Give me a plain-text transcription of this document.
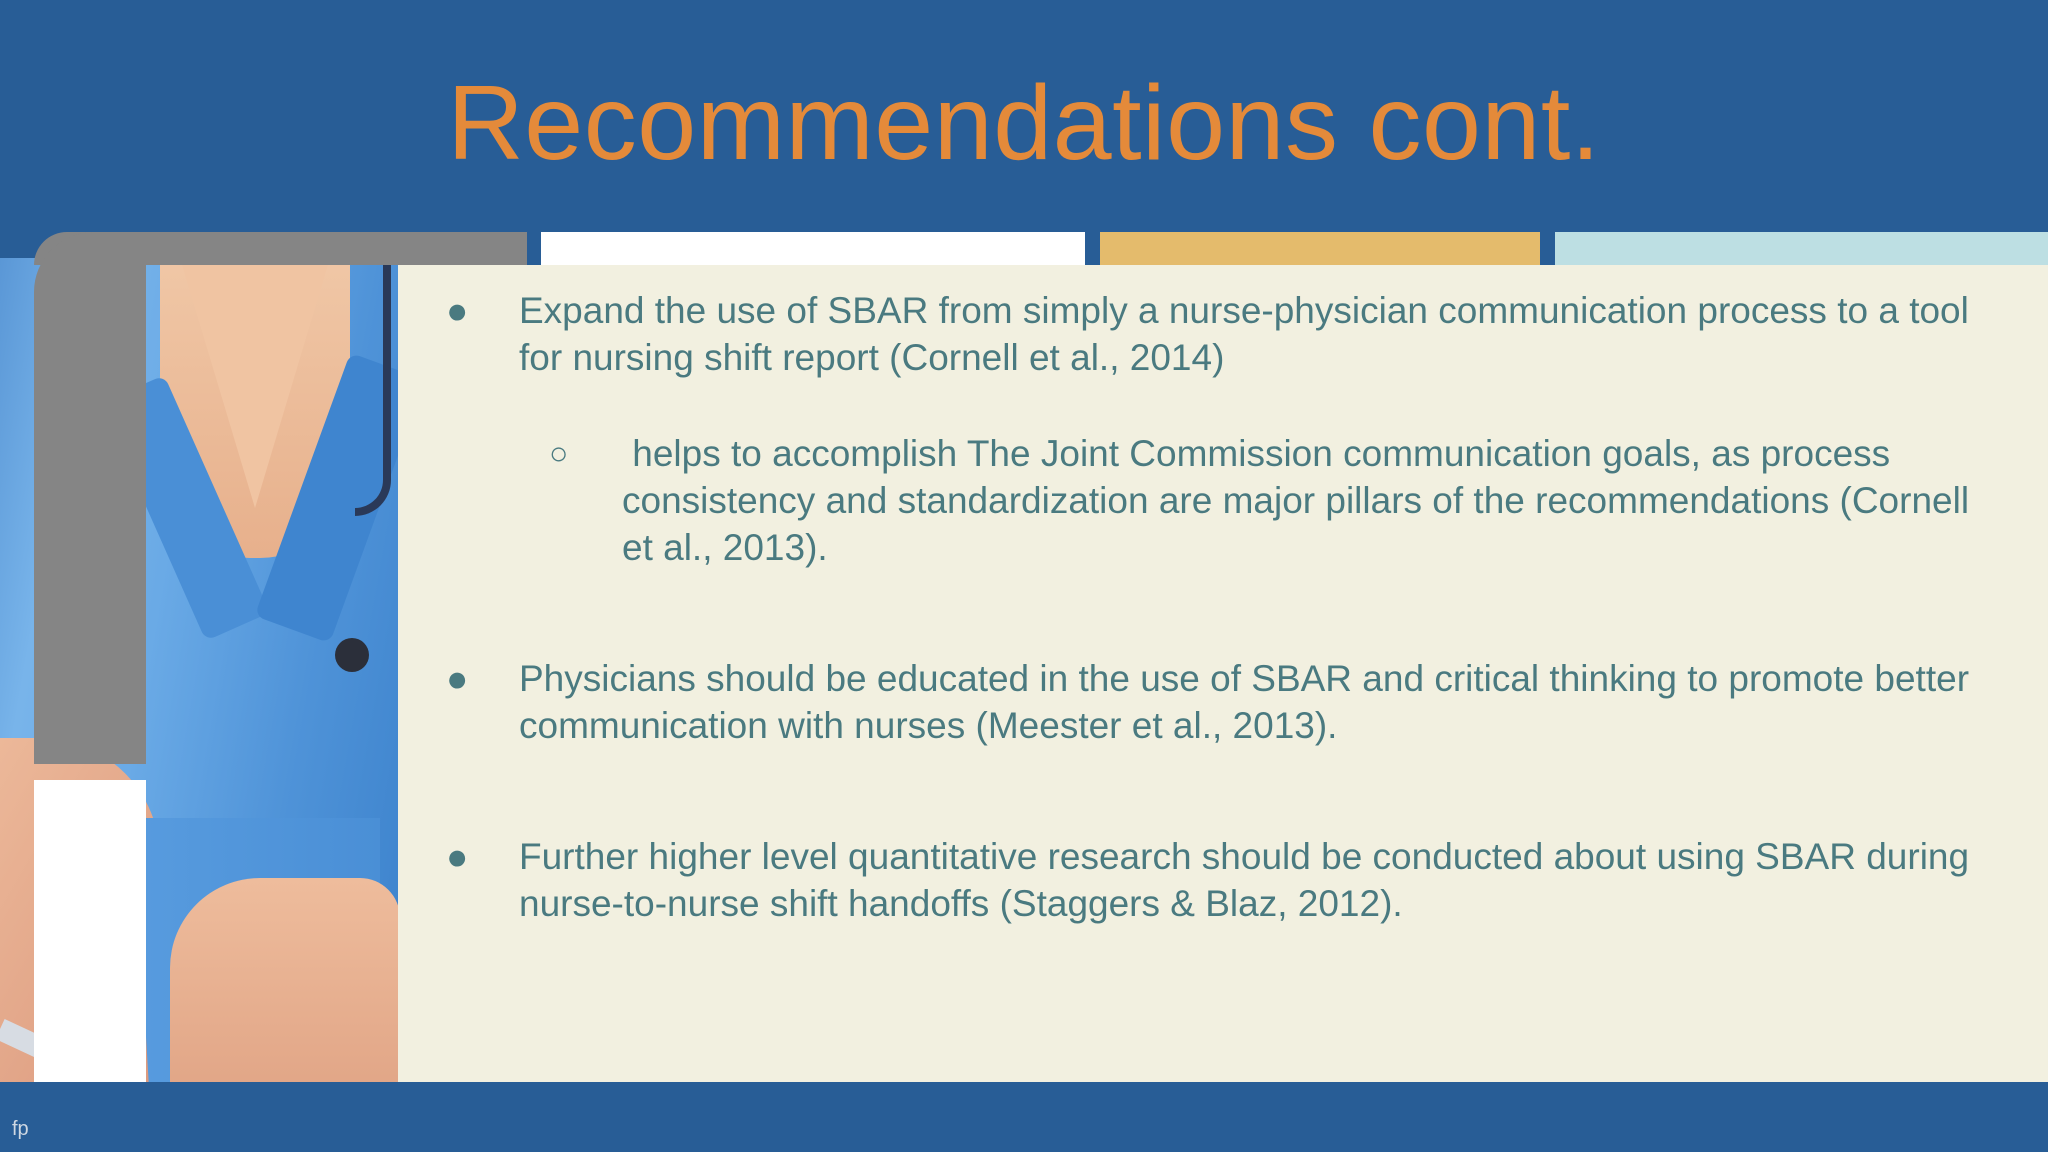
Recommendations cont.
● Expand the use of SBAR from simply a nurse-physician communication process to a tool for nursing shift report (Cornell et al., 2014)
○ helps to accomplish The Joint Commission communication goals, as process consistency and standardization are major pillars of the recommendations (Cornell et al., 2013).
● Physicians should be educated in the use of SBAR and critical thinking to promote better communication with nurses (Meester et al., 2013).
● Further higher level quantitative research should be conducted about using SBAR during nurse-to-nurse shift handoffs (Staggers & Blaz, 2012).
fp
